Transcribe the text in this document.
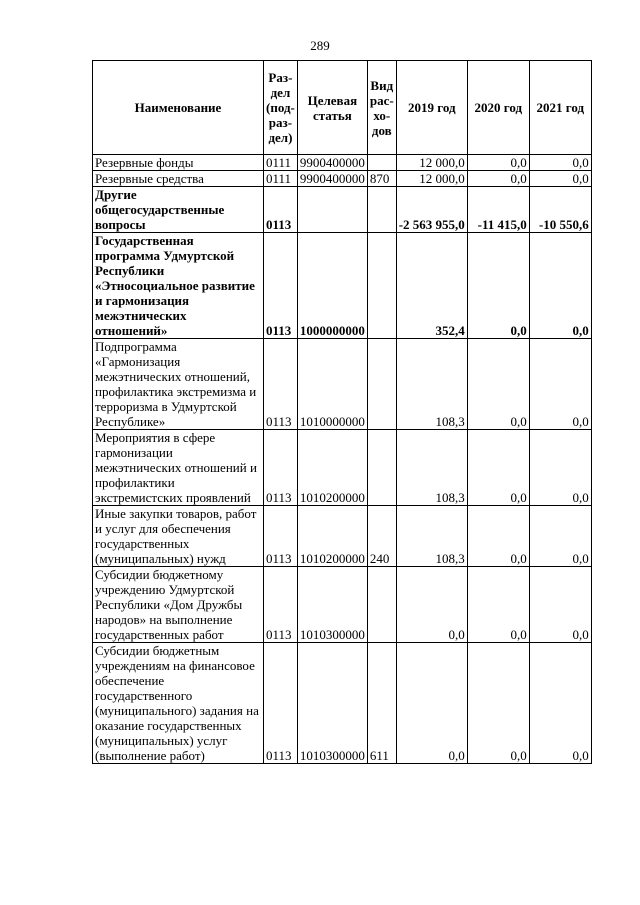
289
Наименование	Раз-
дел
(под-
раз-
дел)	Целевая
статья	Вид
рас-
хо-
дов	2019 год	2020 год	2021 год
Резервные фонды	0111	9900400000		12 000,0	0,0	0,0
Резервные средства	0111	9900400000	870	12 000,0	0,0	0,0
Другие общегосударственные вопросы	0113			-2 563 955,0	-11 415,0	-10 550,6
Государственная программа Удмуртской Республики «Этносоциальное развитие и гармонизация межэтнических отношений»	0113	1000000000		352,4	0,0	0,0
Подпрограмма «Гармонизация межэтнических отношений, профилактика экстремизма и терроризма в Удмуртской Республике»	0113	1010000000		108,3	0,0	0,0
Мероприятия в сфере гармонизации межэтнических отношений и профилактики экстремистских проявлений	0113	1010200000		108,3	0,0	0,0
Иные закупки товаров, работ и услуг для обеспечения государственных (муниципальных) нужд	0113	1010200000	240	108,3	0,0	0,0
Субсидии бюджетному учреждению Удмуртской Республики «Дом Дружбы народов» на выполнение государственных работ	0113	1010300000		0,0	0,0	0,0
Субсидии бюджетным учреждениям на финансовое обеспечение государственного (муниципального) задания на оказание государственных (муниципальных) услуг (выполнение работ)	0113	1010300000	611	0,0	0,0	0,0
